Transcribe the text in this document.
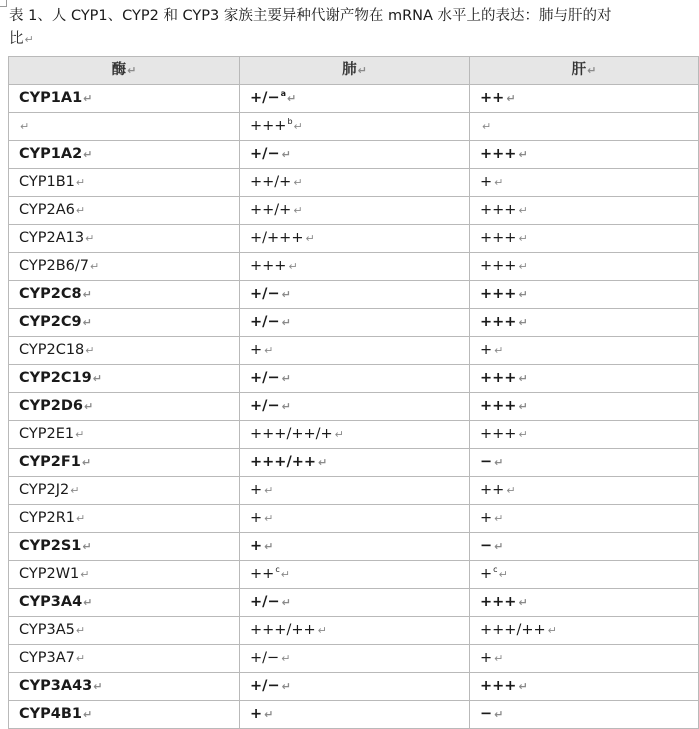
表 1、人 CYP1、CYP2 和 CYP3 家族主要异种代谢产物在 mRNA 水平上的表达：肺与肝的对
比↵
酶↵	肺↵	肝↵
CYP1A1↵	+/−$^a$↵	++ ↵
↵	+++$^b$↵	↵
CYP1A2↵	+/− ↵	+++ ↵
CYP1B1↵	++/+ ↵	+ ↵
CYP2A6↵	++/+ ↵	+++ ↵
CYP2A13↵	+/+++ ↵	+++ ↵
CYP2B6/7↵	+++ ↵	+++ ↵
CYP2C8↵	+/− ↵	+++ ↵
CYP2C9↵	+/− ↵	+++ ↵
CYP2C18↵	+ ↵	+ ↵
CYP2C19↵	+/− ↵	+++ ↵
CYP2D6↵	+/− ↵	+++ ↵
CYP2E1↵	+++/++/+ ↵	+++ ↵
CYP2F1↵	+++/++ ↵	− ↵
CYP2J2↵	+ ↵	++ ↵
CYP2R1↵	+ ↵	+ ↵
CYP2S1↵	+ ↵	− ↵
CYP2W1↵	++$^c$↵	+$^c$↵
CYP3A4↵	+/− ↵	+++ ↵
CYP3A5↵	+++/++ ↵	+++/++ ↵
CYP3A7↵	+/− ↵	+ ↵
CYP3A43↵	+/− ↵	+++ ↵
CYP4B1↵	+ ↵	− ↵
